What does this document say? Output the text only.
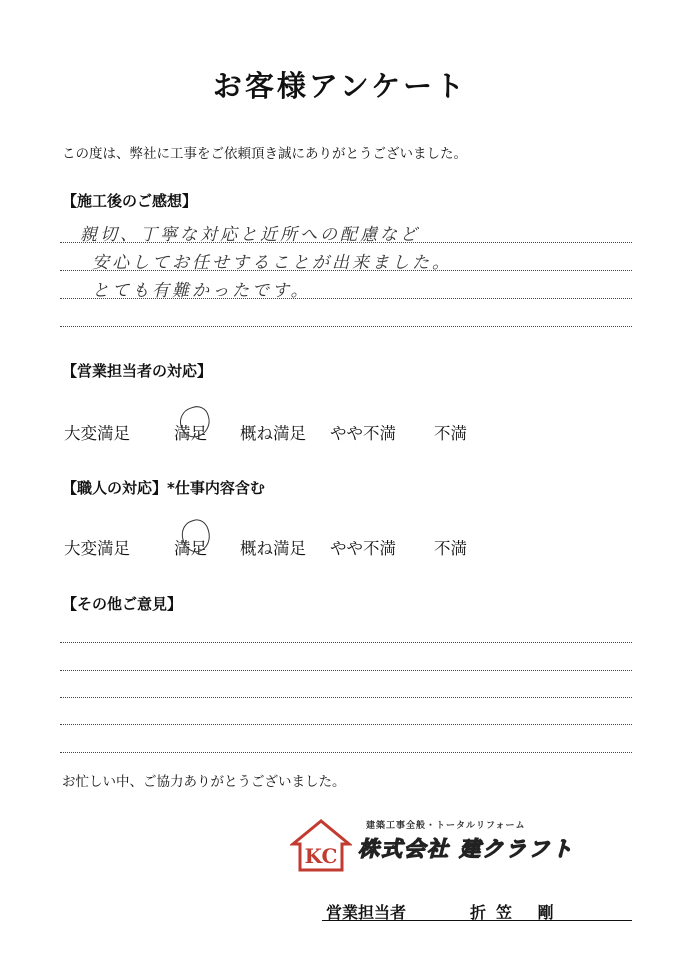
お客様アンケート
この度は、弊社に工事をご依頼頂き誠にありがとうございました。
【施工後のご感想】
親切、丁寧な対応と近所への配慮など
安心してお任せすることが出来ました。
とても有難かったです。
【営業担当者の対応】
大変満足	満足 概ね満足 やや不満 不満
【職人の対応】*仕事内容含む
大変満足	満足 概ね満足 やや不満 不満
【その他ご意見】
お忙しい中、ご協力ありがとうございました。
KC
建築工事全般・トータルリフォーム
株式会社 建クラフト
営業担当者	折笠 剛
